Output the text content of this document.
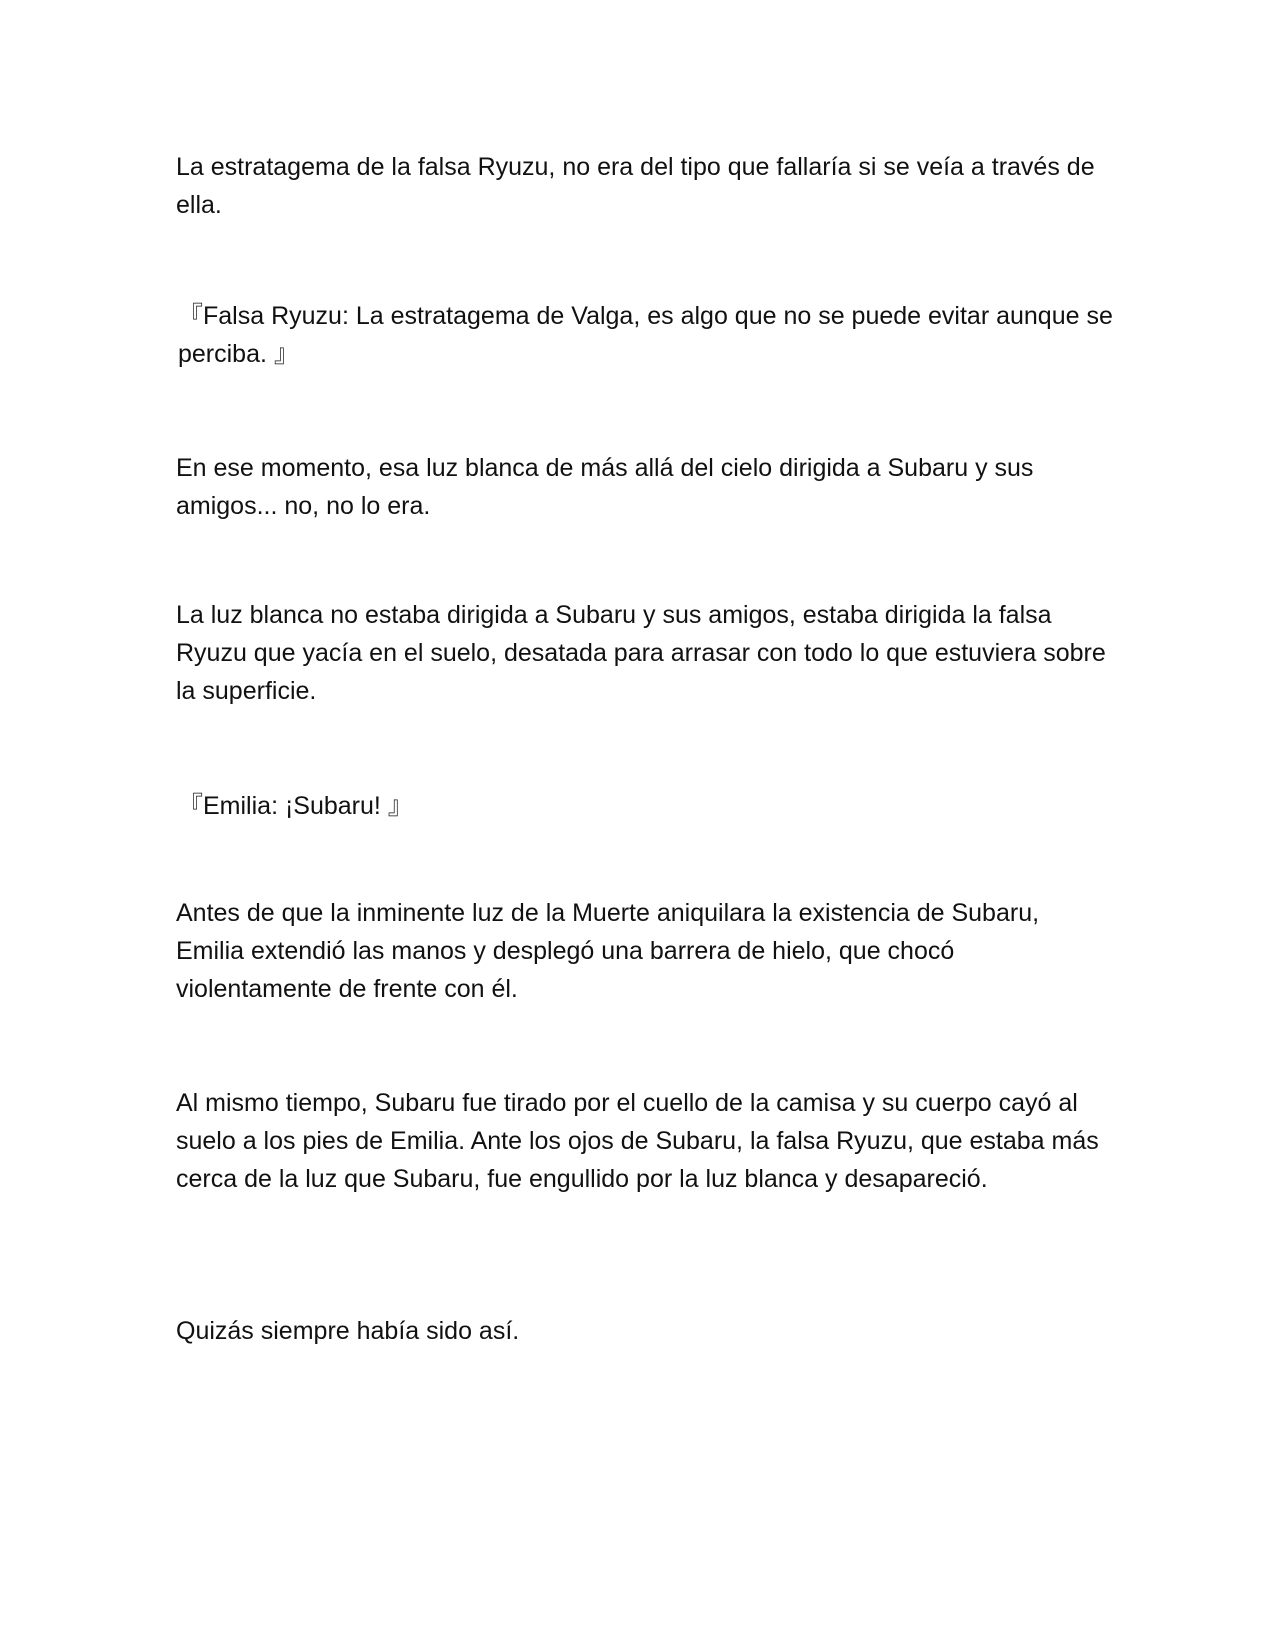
La estratagema de la falsa Ryuzu, no era del tipo que fallaría si se veía a través de ella.

『Falsa Ryuzu: La estratagema de Valga, es algo que no se puede evitar aunque se perciba. 』

En ese momento, esa luz blanca de más allá del cielo dirigida a Subaru y sus amigos... no, no lo era.

La luz blanca no estaba dirigida a Subaru y sus amigos, estaba dirigida la falsa Ryuzu que yacía en el suelo, desatada para arrasar con todo lo que estuviera sobre la superficie.

『Emilia: ¡Subaru! 』

Antes de que la inminente luz de la Muerte aniquilara la existencia de Subaru, Emilia extendió las manos y desplegó una barrera de hielo, que chocó violentamente de frente con él.

Al mismo tiempo, Subaru fue tirado por el cuello de la camisa y su cuerpo cayó al suelo a los pies de Emilia. Ante los ojos de Subaru, la falsa Ryuzu, que estaba más cerca de la luz que Subaru, fue engullido por la luz blanca y desapareció.

Quizás siempre había sido así.
